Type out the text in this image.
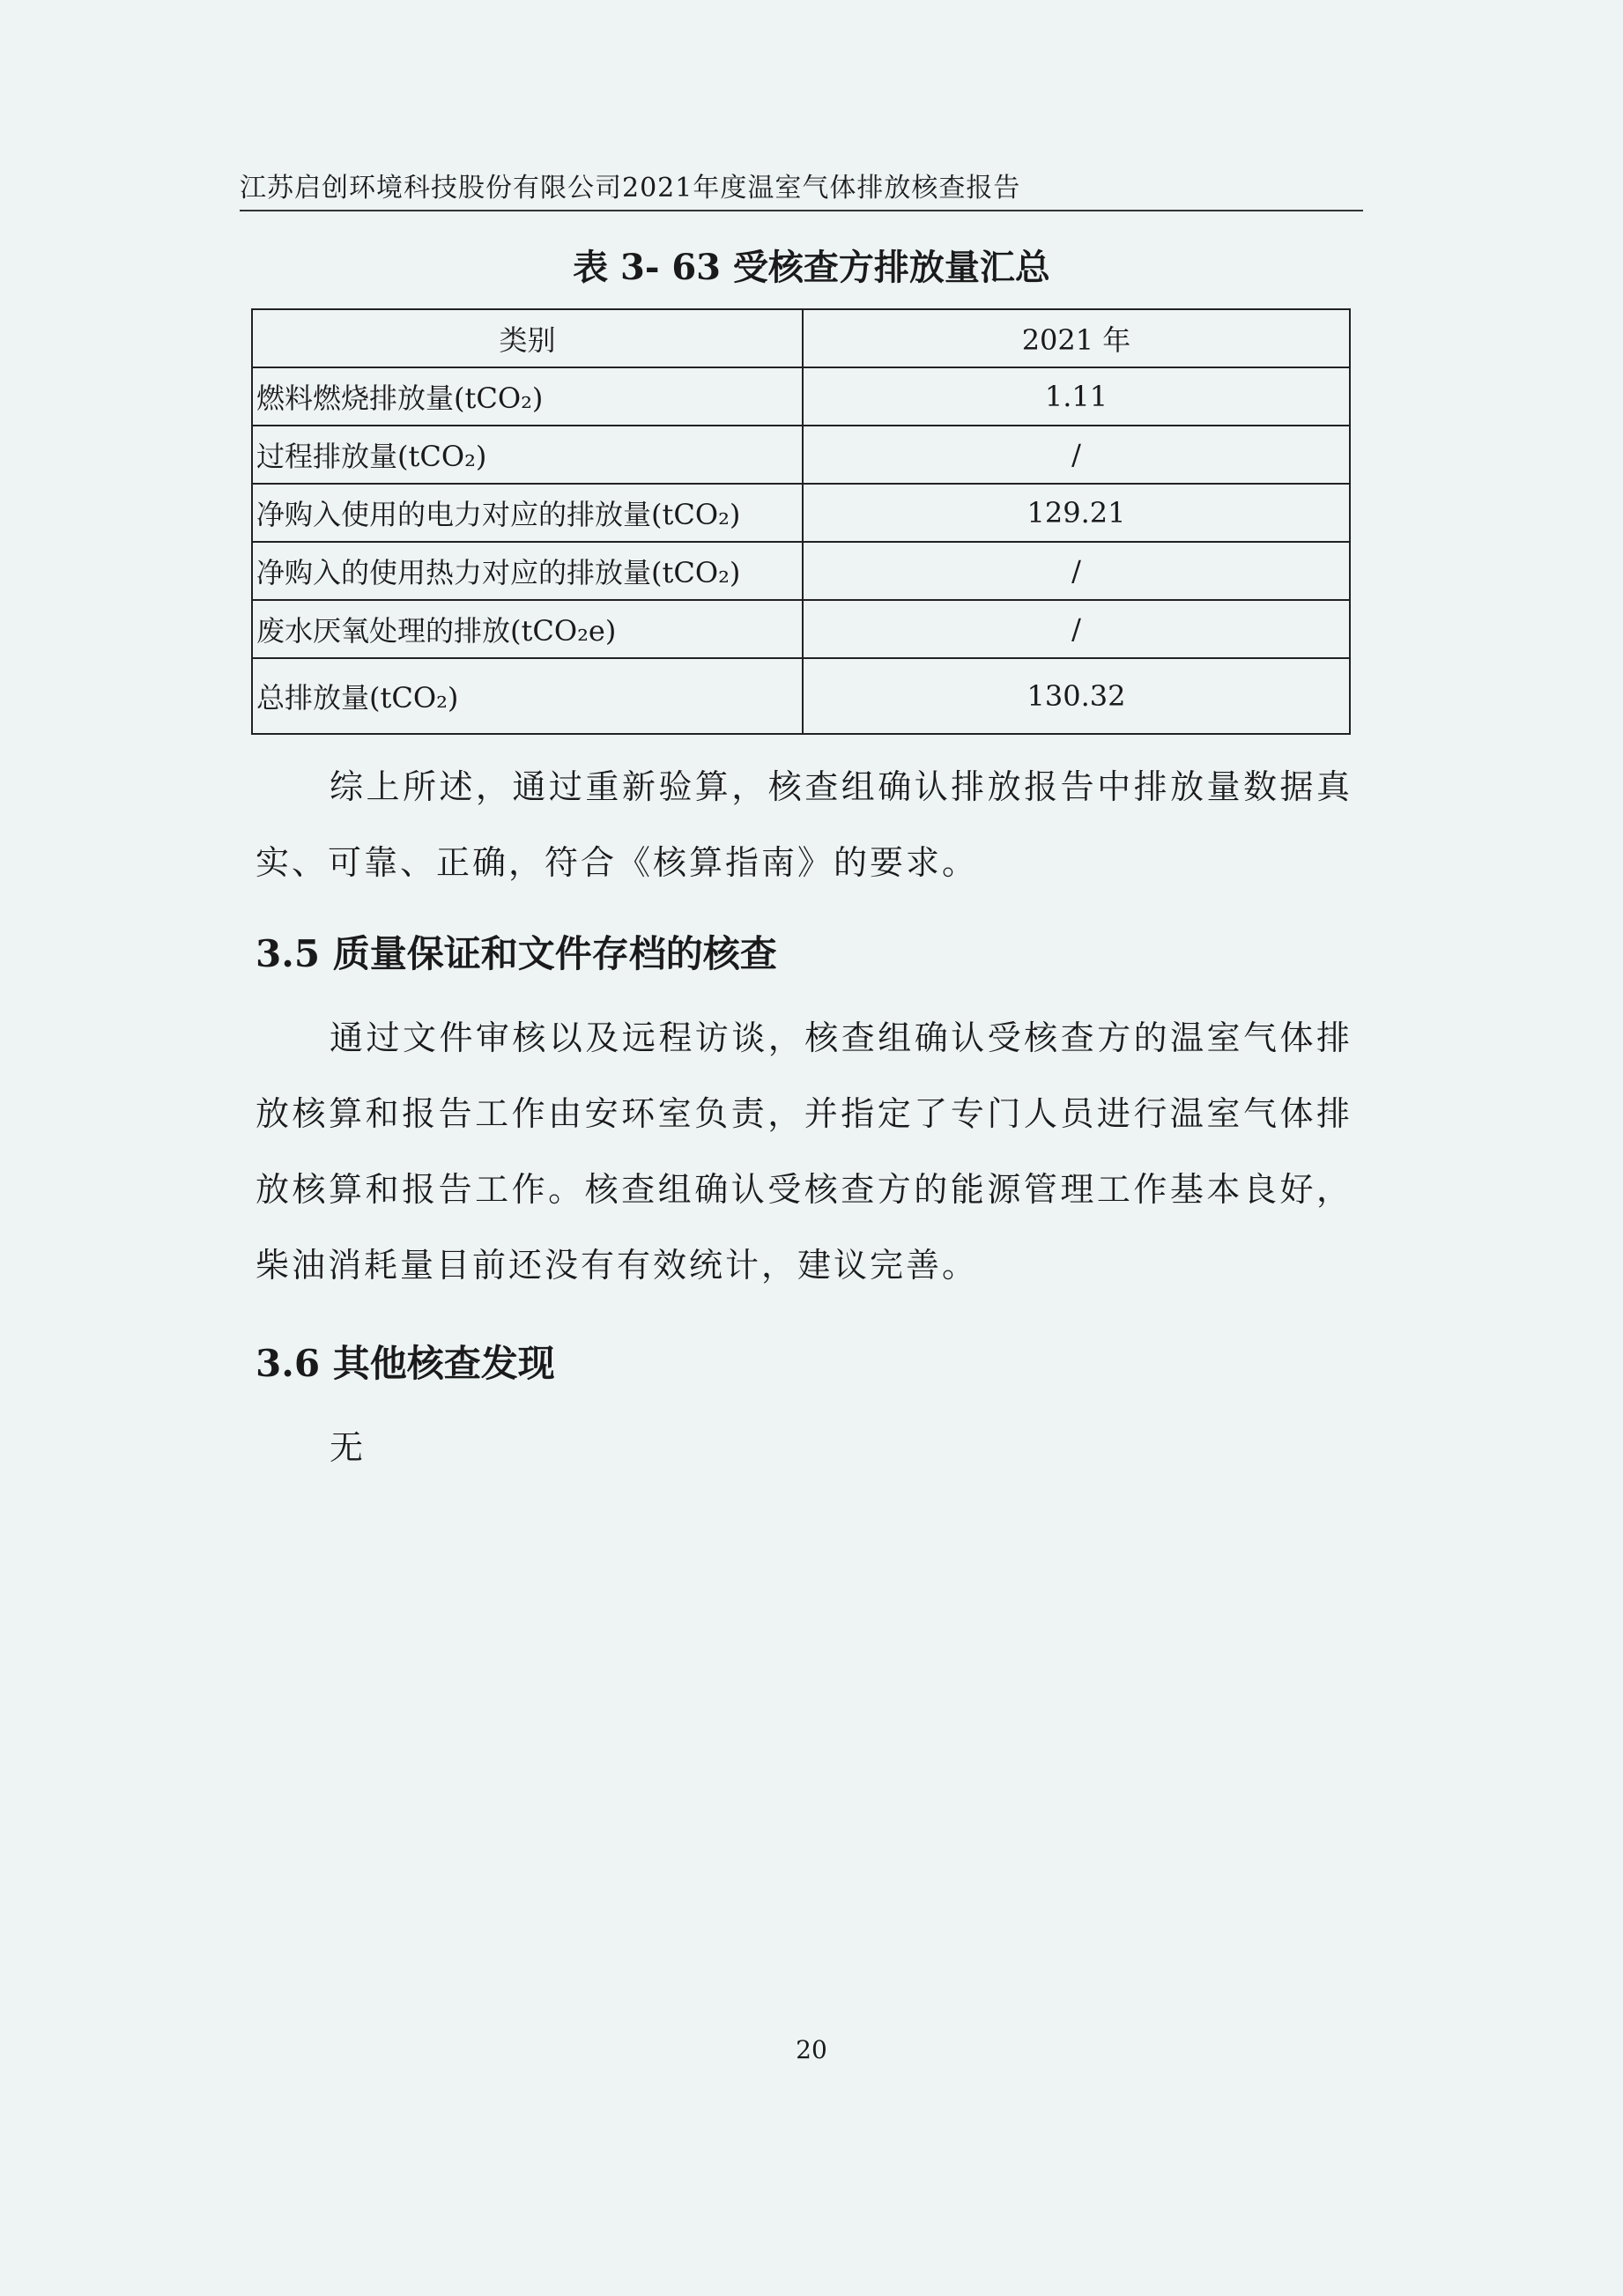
江苏启创环境科技股份有限公司2021年度温室气体排放核查报告
表 3- 63 受核查方排放量汇总
类别	2021 年
燃料燃烧排放量(tCO₂)	1.11
过程排放量(tCO₂)	/
净购入使用的电力对应的排放量(tCO₂)	129.21
净购入的使用热力对应的排放量(tCO₂)	/
废水厌氧处理的排放(tCO₂e)	/
总排放量(tCO₂)	130.32

综上所述，通过重新验算，核查组确认排放报告中排放量数据真实、可靠、正确，符合《核算指南》的要求。

3.5 质量保证和文件存档的核查

通过文件审核以及远程访谈，核查组确认受核查方的温室气体排放核算和报告工作由安环室负责，并指定了专门人员进行温室气体排放核算和报告工作。核查组确认受核查方的能源管理工作基本良好，柴油消耗量目前还没有有效统计，建议完善。

3.6 其他核查发现

无

20
